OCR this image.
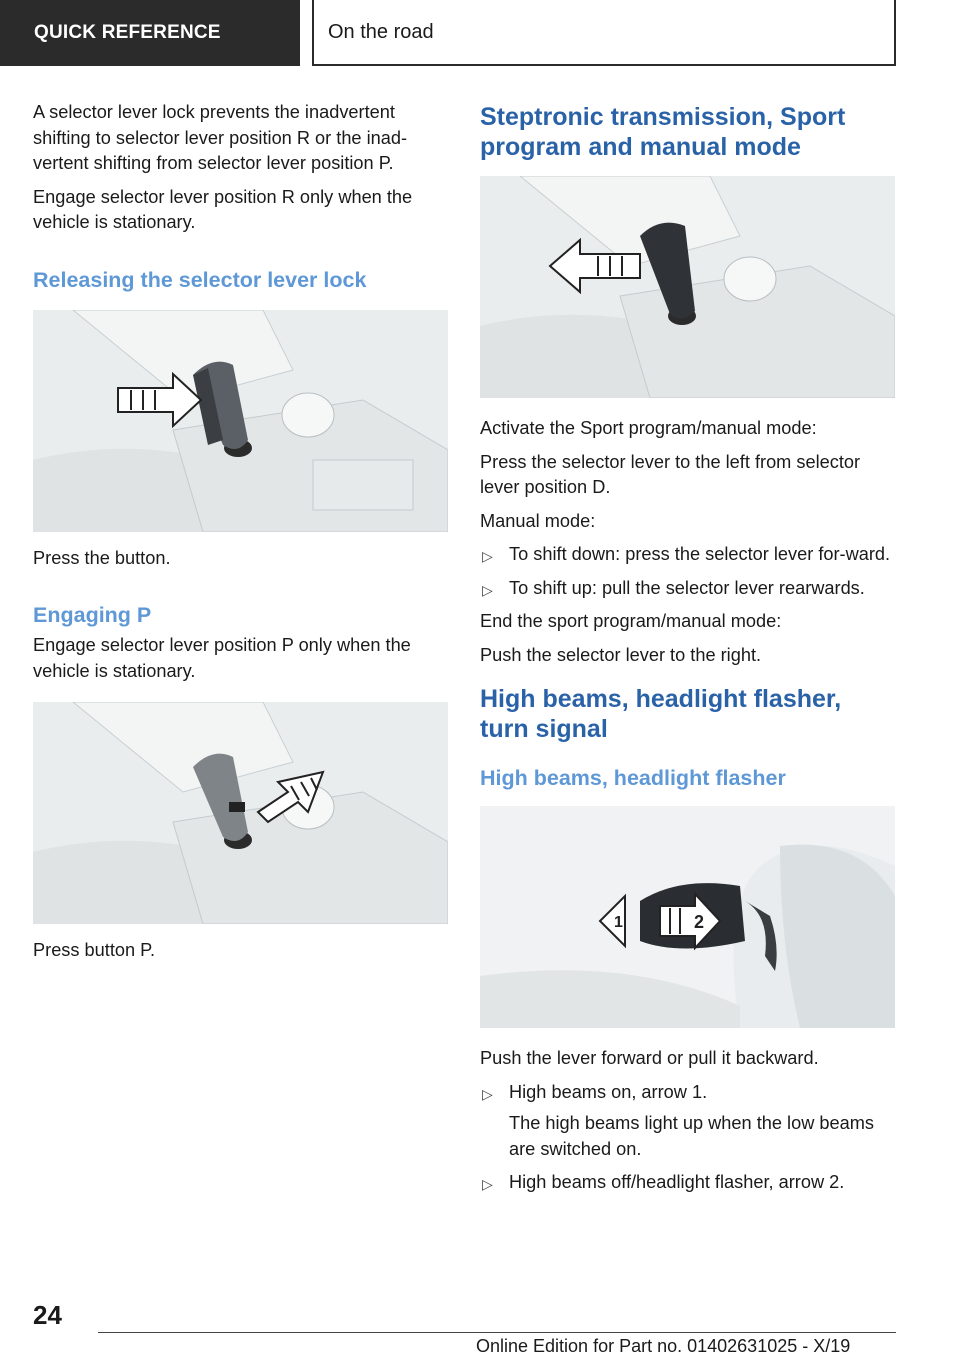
QUICK REFERENCE	On the road

A selector lever lock prevents the inadvertent shifting to selector lever position R or the inad-vertent shifting from selector lever position P.

Engage selector lever position R only when the vehicle is stationary.

Releasing the selector lever lock

Press the button.

Engaging P

Engage selector lever position P only when the vehicle is stationary.

Press button P.

Steptronic transmission, Sport program and manual mode

Activate the Sport program/manual mode:

Press the selector lever to the left from selector lever position D.

Manual mode:

▷ To shift down: press the selector lever for-ward.
▷ To shift up: pull the selector lever rearwards.

End the sport program/manual mode:

Push the selector lever to the right.

High beams, headlight flasher, turn signal
High beams, headlight flasher
1	2

Push the lever forward or pull it backward.

▷ High beams on, arrow 1.
The high beams light up when the low beams are switched on.
▷ High beams off/headlight flasher, arrow 2.
24
Online Edition for Part no. 01402631025 - X/19
